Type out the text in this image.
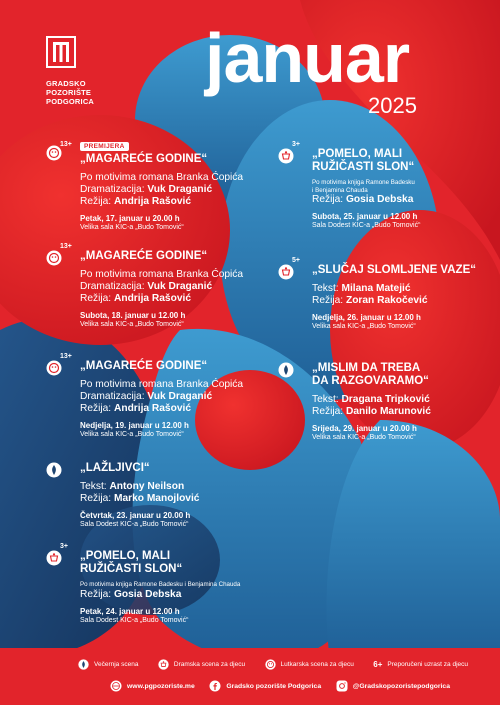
GRADSKO
POZORIŠTE
PODGORICA
januar
2025
13+ PREMIJERA
„MAGAREĆE GODINE“
Po motivima romana Branka Ćopića
Dramatizacija: Vuk Draganić
Režija: Andrija Rašović
Petak, 17. januar u 20.00 h
Velika sala KIC-a „Budo Tomović“
13+
„MAGAREĆE GODINE“
Po motivima romana Branka Ćopića
Dramatizacija: Vuk Draganić
Režija: Andrija Rašović
Subota, 18. januar u 12.00 h
Velika sala KIC-a „Budo Tomović“
13+
„MAGAREĆE GODINE“
Po motivima romana Branka Ćopića
Dramatizacija: Vuk Draganić
Režija: Andrija Rašović
Nedjelja, 19. januar u 12.00 h
Velika sala KIC-a „Budo Tomović“
„LAŽLJIVCI“
Tekst: Antony Neilson
Režija: Marko Manojlović
Četvrtak, 23. januar u 20.00 h
Sala Dodest KIC-a „Budo Tomović“
3+
„POMELO, MALI
RUŽIČASTI SLON“
Po motivima knjiga Ramone Badesku i Benjamina Chauda
Režija: Gosia Debska
Petak, 24. januar u 12.00 h
Sala Dodest KIC-a „Budo Tomović“
3+
„POMELO, MALI
RUŽIČASTI SLON“
Po motivima knjiga Ramone Badesku
i Benjamina Chauda
Režija: Gosia Debska
Subota, 25. januar u 12.00 h
Sala Dodest KIC-a „Budo Tomović“
5+
„SLUČAJ SLOMLJENE VAZE“
Tekst: Milana Matejić
Režija: Zoran Rakočević
Nedjelja, 26. januar u 12.00 h
Velika sala KIC-a „Budo Tomović“
„MISLIM DA TREBA
DA RAZGOVARAMO“
Tekst: Dragana Tripković
Režija: Danilo Marunović
Srijeda, 29. januar u 20.00 h
Velika sala KIC-a „Budo Tomović“
Večernja scena	Dramska scena za djecu	Lutkarska scena za djecu 6+ Preporučeni uzrast za djecu
www.pgpozoriste.me	Gradsko pozorište Podgorica	@Gradskopozoristepodgorica
